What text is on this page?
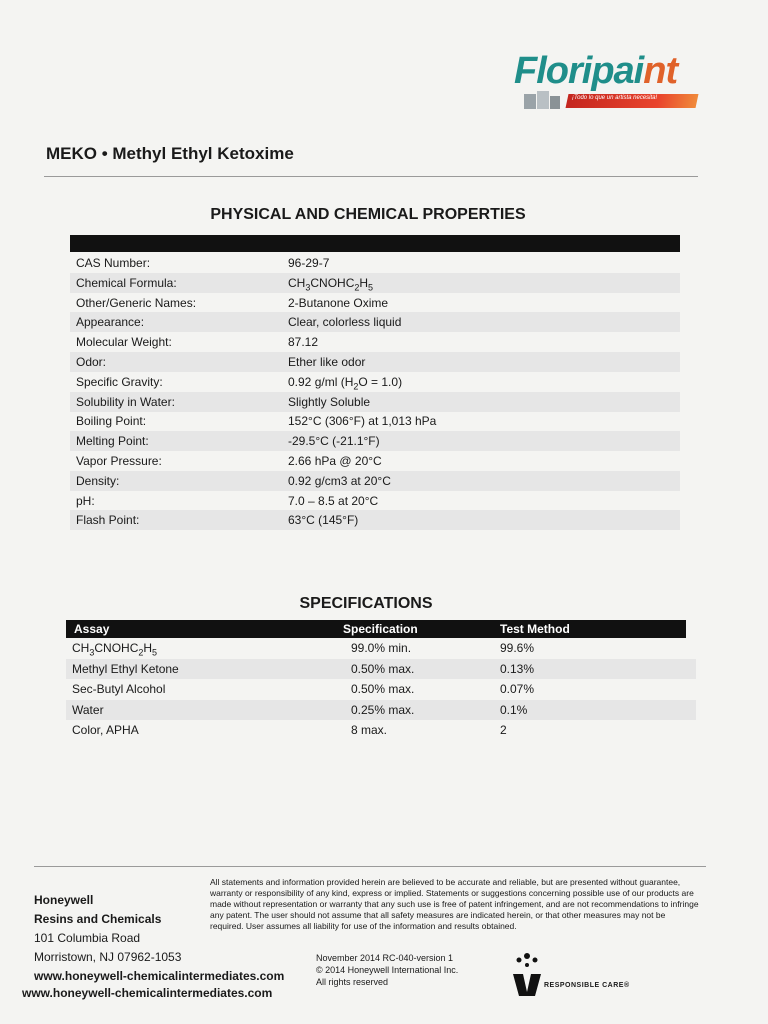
Floripaint
¡Todo lo que un artista necesita!
MEKO • Methyl Ethyl Ketoxime
PHYSICAL AND CHEMICAL PROPERTIES
CAS Number:	96-29-7
Chemical Formula:	$CH_3CNOHC_2H_5$
Other/Generic Names:	2-Butanone Oxime
Appearance:	Clear, colorless liquid
Molecular Weight:	87.12
Odor:	Ether like odor
Specific Gravity:	0.92 g/ml $(H_2O = 1.0)$
Solubility in Water:	Slightly Soluble
Boiling Point:	152°C (306°F) at 1,013 hPa
Melting Point:	-29.5°C (-21.1°F)
Vapor Pressure:	2.66 hPa @ 20°C
Density:	0.92 g/cm3 at 20°C
pH:	7.0 – 8.5 at 20°C
Flash Point:	63°C (145°F)
SPECIFICATIONS
Assay	Specification	Test Method
$CH_3CNOHC_2H_5$	99.0% min.	99.6%
Methyl Ethyl Ketone	0.50% max.	0.13%
Sec-Butyl Alcohol	0.50% max.	0.07%
Water	0.25% max.	0.1%
Color, APHA	8 max.	2
Honeywell
Resins and Chemicals
101 Columbia Road
Morristown, NJ 07962-1053
www.honeywell-chemicalintermediates.com
www.honeywell-chemicalintermediates.com
All statements and information provided herein are believed to be accurate and reliable, but are presented without guarantee, warranty or responsibility of any kind, express or implied. Statements or suggestions concerning possible use of our products are made without representation or warranty that any such use is free of patent infringement, and are not recommendations to infringe any patent. The user should not assume that all safety measures are indicated herein, or that other measures may not be required. User assumes all liability for use of the information and results obtained.
November 2014 RC-040-version 1
© 2014 Honeywell International Inc.
All rights reserved	RESPONSIBLE CARE®
